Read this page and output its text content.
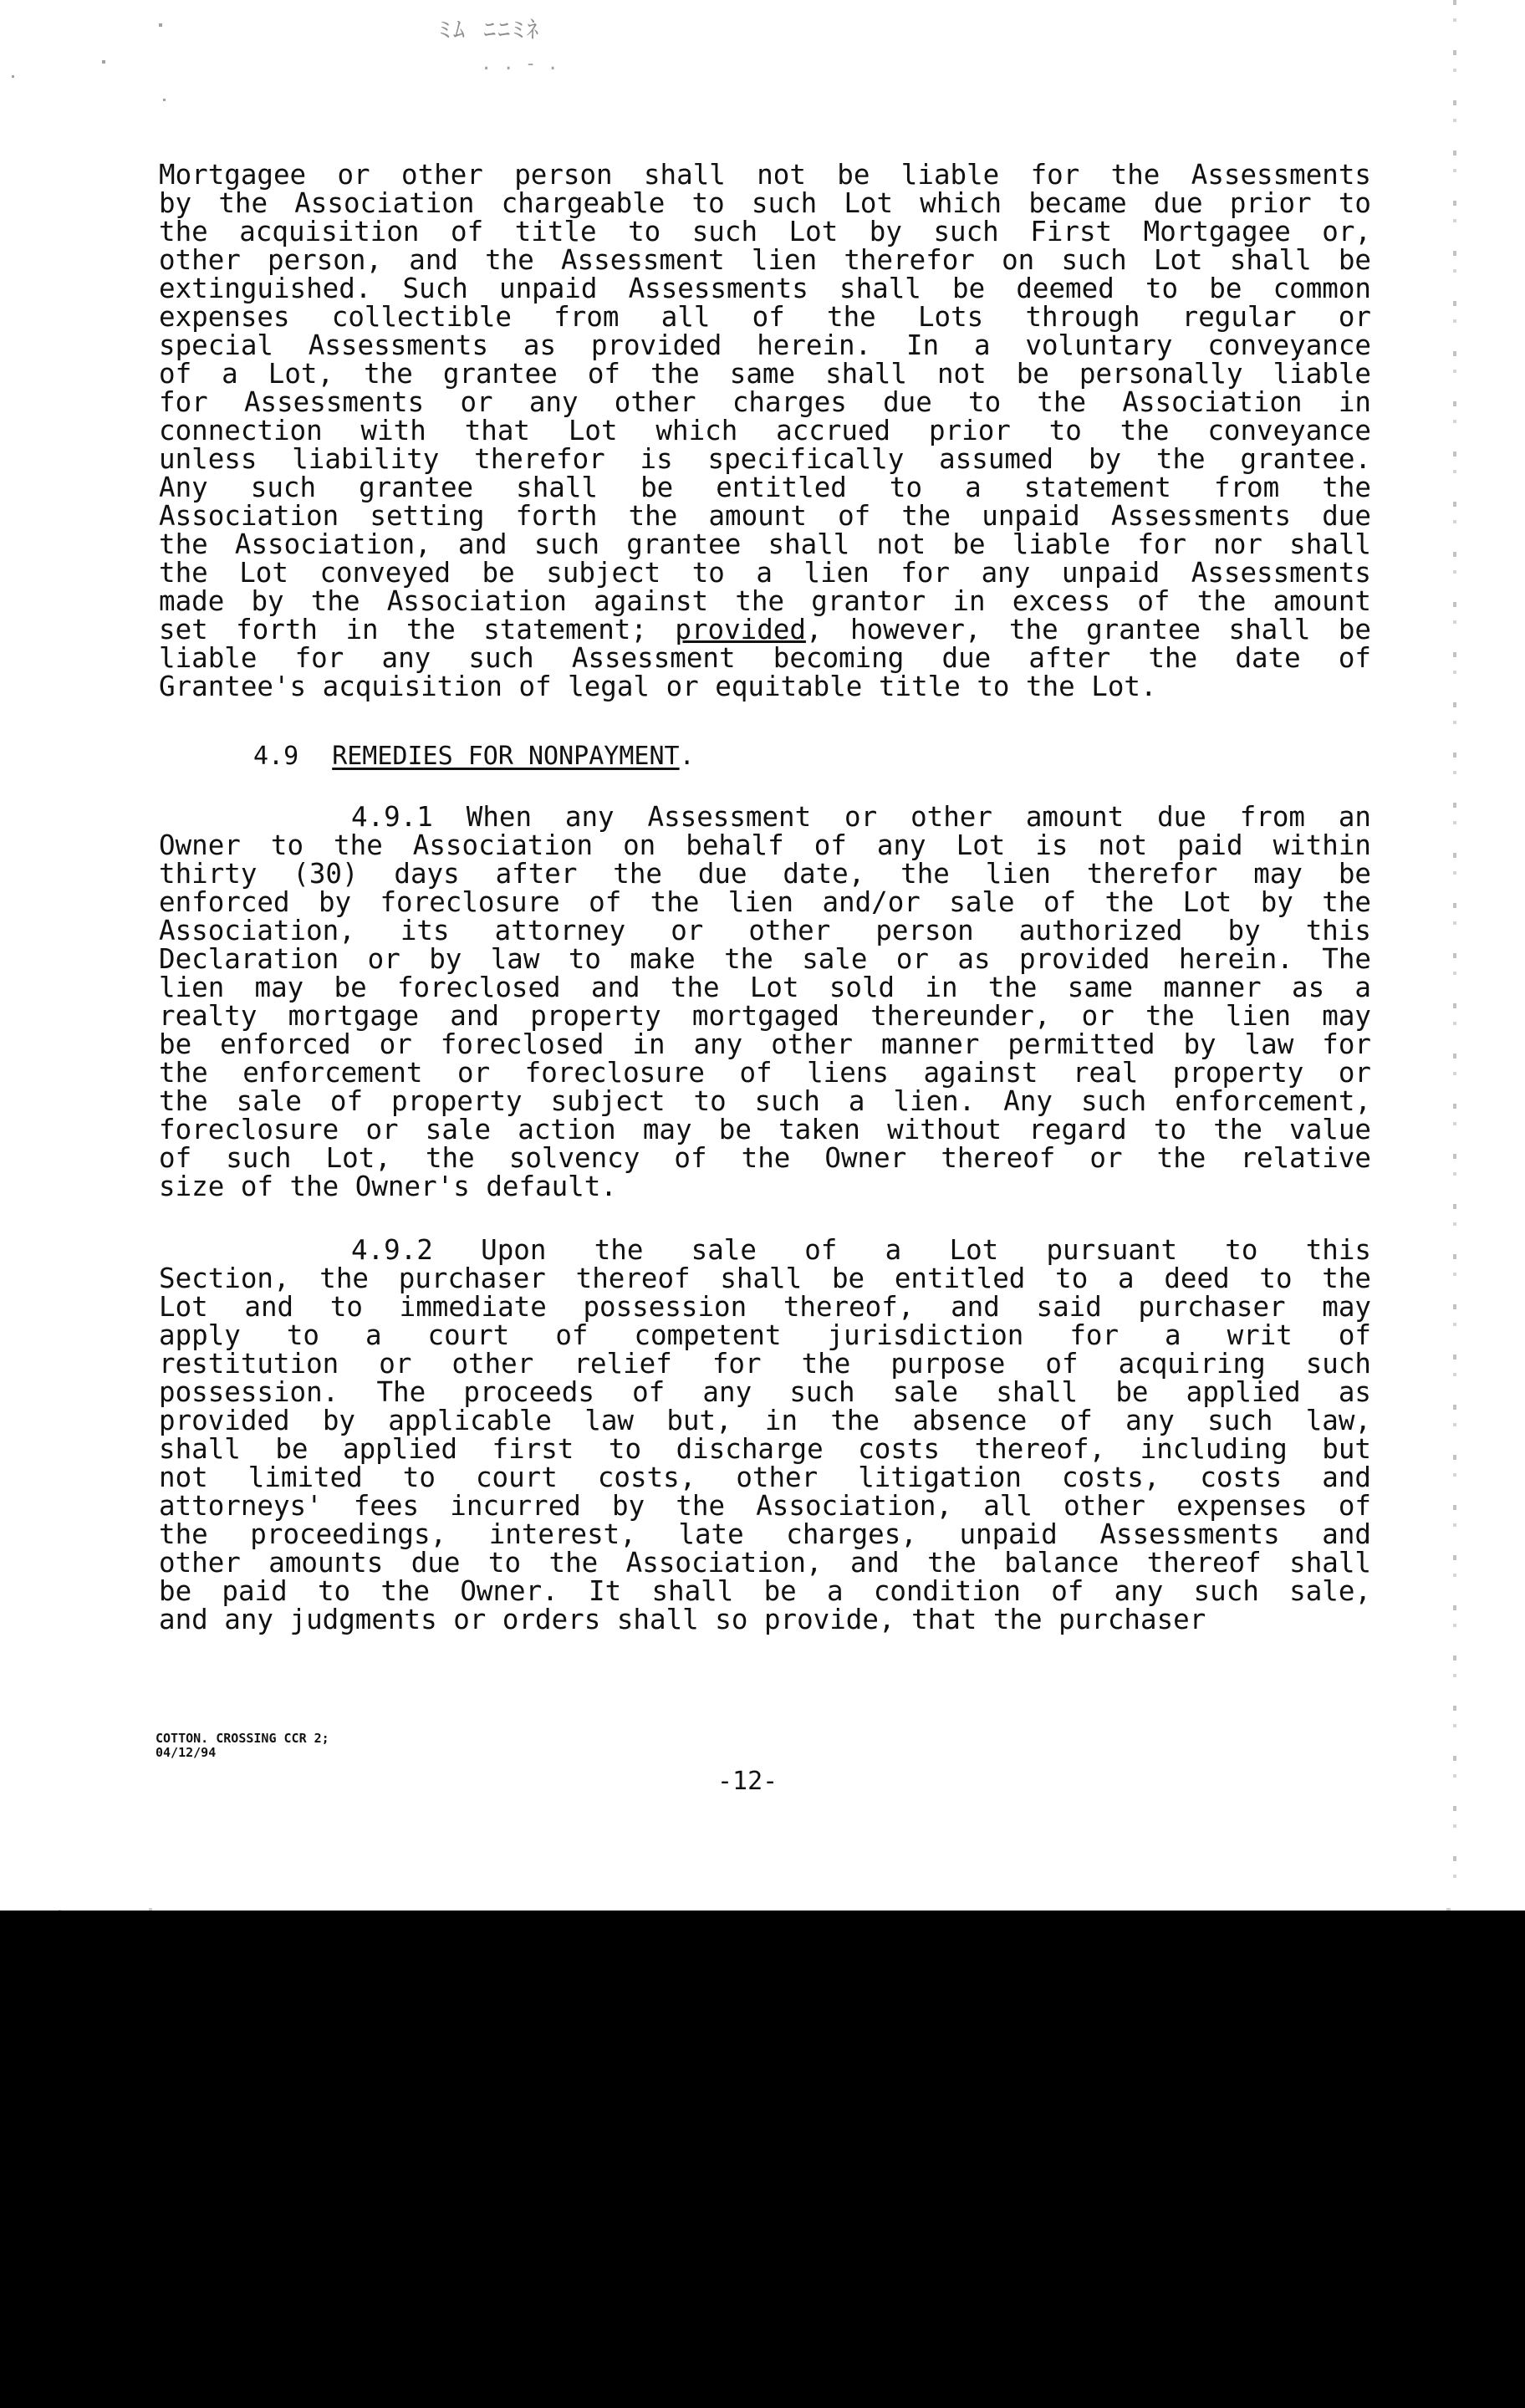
ﾐﾑ ﾆﾆﾐﾈ
. . - .
Mortgagee or other person shall not be liable for the Assessments
by the Association chargeable to such Lot which became due prior to
the acquisition of title to such Lot by such First Mortgagee or,
other person, and the Assessment lien therefor on such Lot shall be
extinguished. Such unpaid Assessments shall be deemed to be common
expenses collectible from all of the Lots through regular or
special Assessments as provided herein. In a voluntary conveyance
of a Lot, the grantee of the same shall not be personally liable
for Assessments or any other charges due to the Association in
connection with that Lot which accrued prior to the conveyance
unless liability therefor is specifically assumed by the grantee.
Any such grantee shall be entitled to a statement from the
Association setting forth the amount of the unpaid Assessments due
the Association, and such grantee shall not be liable for nor shall
the Lot conveyed be subject to a lien for any unpaid Assessments
made by the Association against the grantor in excess of the amount
set forth in the statement; provided, however, the grantee shall be
liable for any such Assessment becoming due after the date of
Grantee's acquisition of legal or equitable title to the Lot.
4.9 REMEDIES FOR NONPAYMENT.
4.9.1 When any Assessment or other amount due from an
Owner to the Association on behalf of any Lot is not paid within
thirty (30) days after the due date, the lien therefor may be
enforced by foreclosure of the lien and/or sale of the Lot by the
Association, its attorney or other person authorized by this
Declaration or by law to make the sale or as provided herein. The
lien may be foreclosed and the Lot sold in the same manner as a
realty mortgage and property mortgaged thereunder, or the lien may
be enforced or foreclosed in any other manner permitted by law for
the enforcement or foreclosure of liens against real property or
the sale of property subject to such a lien. Any such enforcement,
foreclosure or sale action may be taken without regard to the value
of such Lot, the solvency of the Owner thereof or the relative
size of the Owner's default.
4.9.2 Upon the sale of a Lot pursuant to this
Section, the purchaser thereof shall be entitled to a deed to the
Lot and to immediate possession thereof, and said purchaser may
apply to a court of competent jurisdiction for a writ of
restitution or other relief for the purpose of acquiring such
possession. The proceeds of any such sale shall be applied as
provided by applicable law but, in the absence of any such law,
shall be applied first to discharge costs thereof, including but
not limited to court costs, other litigation costs, costs and
attorneys' fees incurred by the Association, all other expenses of
the proceedings, interest, late charges, unpaid Assessments and
other amounts due to the Association, and the balance thereof shall
be paid to the Owner. It shall be a condition of any such sale,
and any judgments or orders shall so provide, that the purchaser
COTTON. CROSSING CCR 2;
04/12/94
-12-
